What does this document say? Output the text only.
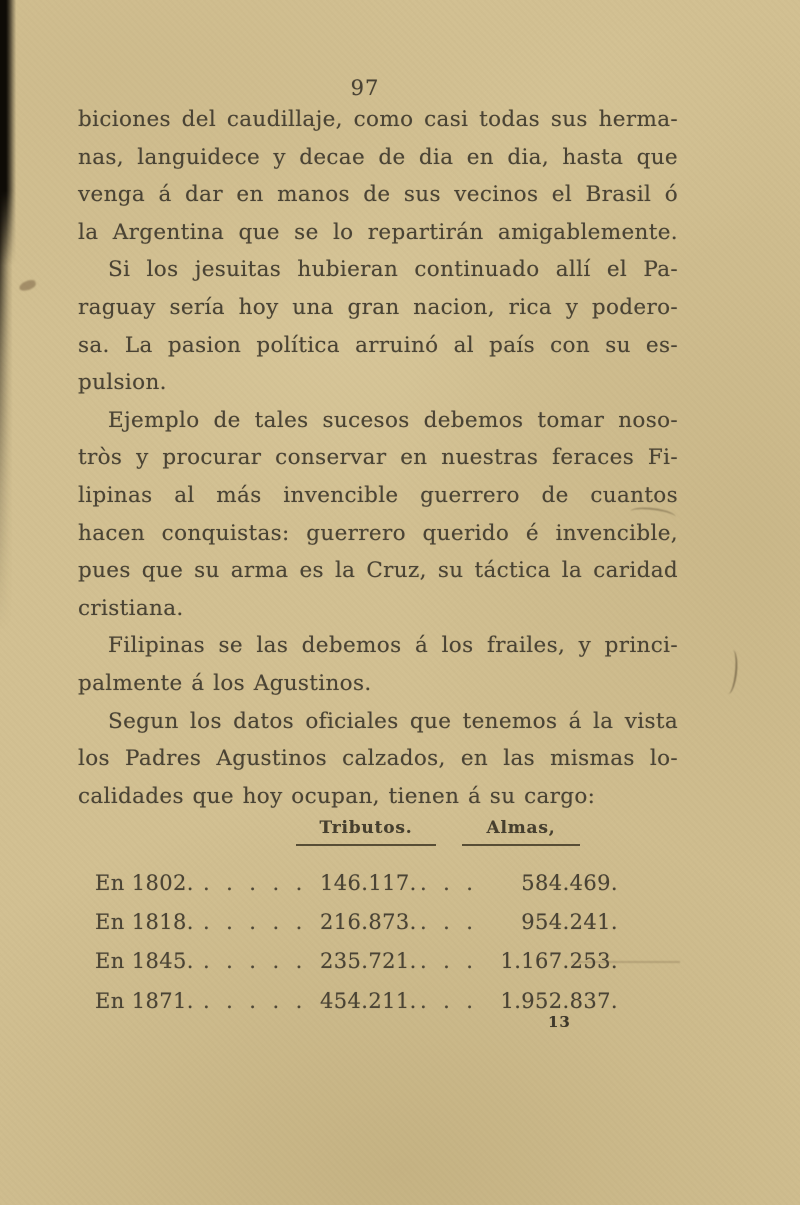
97
biciones del caudillaje, como casi todas sus herma-
nas, languidece y decae de dia en dia, hasta que
venga á dar en manos de sus vecinos el Brasil ó
la Argentina que se lo repartirán amigablemente.
Si los jesuitas hubieran continuado allí el Pa-
raguay sería hoy una gran nacion, rica y podero-
sa. La pasion política arruinó al país con su es-
pulsion.
Ejemplo de tales sucesos debemos tomar noso-
tròs y procurar conservar en nuestras feraces Fi-
lipinas al más invencible guerrero de cuantos
hacen conquistas: guerrero querido é invencible,
pues que su arma es la Cruz, su táctica la caridad
cristiana.
Filipinas se las debemos á los frailes, y princi-
palmente á los Agustinos.
Segun los datos oficiales que tenemos á la vista
los Padres Agustinos calzados, en las mismas lo-
calidades que hoy ocupan, tienen á su cargo:
Tributos.	Almas,
En 1802. . . . . . 146.117. . . .	584.469.
En 1818. . . . . . 216.873. . . .	954.241.
En 1845. . . . . . 235.721. . . .	1.167.253.
En 1871. . . . . . 454.211. . . .	1.952.837.
13
